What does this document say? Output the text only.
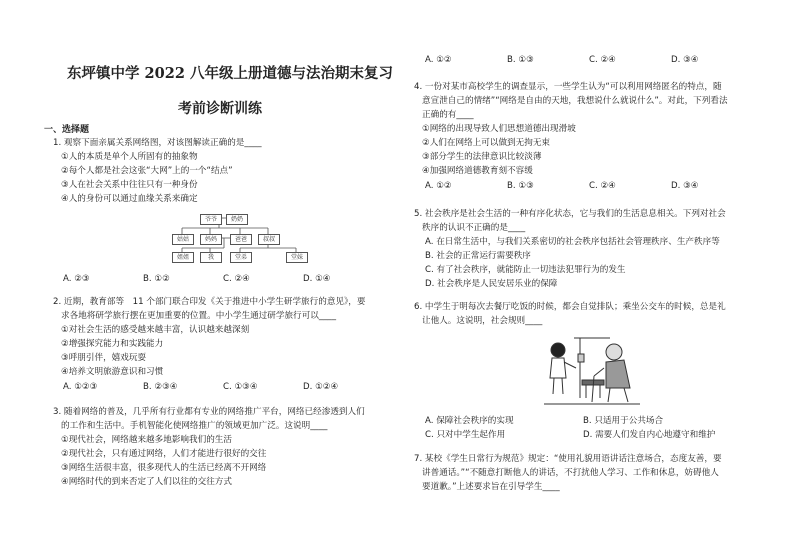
东坪镇中学 2022 八年级上册道德与法治期末复习
考前诊断训练
一、选择题
1. 观察下面亲属关系网络图，对该图解读正确的是____
①人的本质是单个人所固有的抽象物
②每个人都是社会这张“大网”上的一个“结点”
③人在社会关系中往往只有一种身份
④人的身份可以通过血缘关系来确定
爷爷	奶奶
姑姑	妈妈	爸爸	叔叔
姐姐	我	堂弟	堂妹
A. ②③	B. ①②	C. ②④	D. ①④
2. 近期，教育部等　11 个部门联合印发《关于推进中小学生研学旅行的意见》，要
求各地将研学旅行摆在更加重要的位置。中小学生通过研学旅行可以____
①对社会生活的感受越来越丰富，认识越来越深刻
②增强探究能力和实践能力
③呼朋引伴，嬉戏玩耍
④培养文明旅游意识和习惯
A. ①②③	B. ②③④	C. ①③④	D. ①②④
3. 随着网络的普及，几乎所有行业都有专业的网络推广平台，网络已经渗透到人们
的工作和生活中。手机智能化使网络推广的领域更加广泛。这说明____
①现代社会，网络越来越多地影响我们的生活
②现代社会，只有通过网络，人们才能进行很好的交往
③网络生活很丰富，很多现代人的生活已经离不开网络
④网络时代的到来否定了人们以往的交往方式
A. ①②	B. ①③	C. ②④	D. ③④
4. 一份对某市高校学生的调查显示，一些学生认为“可以利用网络匿名的特点，随
意宣泄自己的情绪”“网络是自由的天地，我想说什么就说什么”。对此，下列看法
正确的有____
①网络的出现导致人们思想道德出现滑坡
②人们在网络上可以做到无拘无束
③部分学生的法律意识比较淡薄
④加强网络道德教育刻不容缓
A. ①②	B. ①③	C. ②④	D. ③④
5. 社会秩序是社会生活的一种有序化状态，它与我们的生活息息相关。下列对社会
秩序的认识不正确的是____
A. 在日常生活中，与我们关系密切的社会秩序包括社会管理秩序、生产秩序等
B. 社会的正常运行需要秩序
C. 有了社会秩序，就能防止一切违法犯罪行为的发生
D. 社会秩序是人民安居乐业的保障
6. 中学生于明每次去餐厅吃饭的时候，都会自觉排队；乘坐公交车的时候，总是礼
让他人。这说明，社会规则____
A. 保障社会秩序的实现	B. 只适用于公共场合
C. 只对中学生起作用	D. 需要人们发自内心地遵守和维护
7. 某校《学生日常行为规范》规定：“使用礼貌用语讲话注意场合，态度友善，要
讲普通话。”“不随意打断他人的讲话，不打扰他人学习、工作和休息，妨碍他人
要道歉。”上述要求旨在引导学生____
